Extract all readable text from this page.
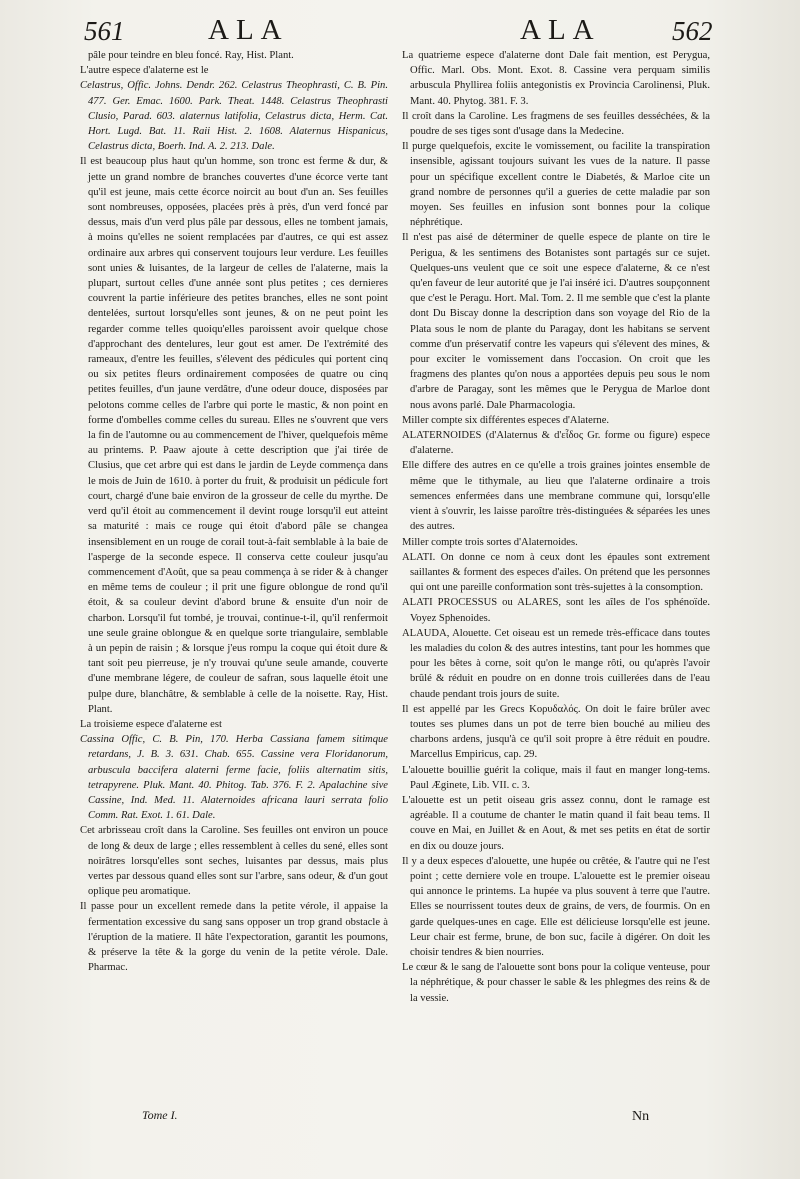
561	ALA	ALA	562

pâle pour teindre en bleu foncé. Ray, Hist. Plant.

L'autre espece d'alaterne est le

Celastrus, Offic. Johns. Dendr. 262. Celastrus Theophrasti, C. B. Pin. 477. Ger. Emac. 1600. Park. Theat. 1448. Celastrus Theophrasti Clusio, Parad. 603. alaternus latifolia, Celastrus dicta, Herm. Cat. Hort. Lugd. Bat. 11. Raii Hist. 2. 1608. Alaternus Hispanicus, Celastrus dicta, Boerh. Ind. A. 2. 213. Dale.

Il est beaucoup plus haut qu'un homme, son tronc est ferme & dur, & jette un grand nombre de branches couvertes d'une écorce verte tant qu'il est jeune, mais cette écorce noircit au bout d'un an. Ses feuilles sont nombreuses, opposées, placées près à près, d'un verd foncé par dessus, mais d'un verd plus pâle par dessous, elles ne tombent jamais, à moins qu'elles ne soient remplacées par d'autres, ce qui est assez ordinaire aux arbres qui conservent toujours leur verdure. Les feuilles sont unies & luisantes, de la largeur de celles de l'alaterne, mais la plupart, surtout celles d'une année sont plus petites ; ces dernieres couvrent la partie inférieure des petites branches, elles ne sont point dentelées, surtout lorsqu'elles sont jeunes, & on ne peut point les regarder comme telles quoiqu'elles paroissent avoir quelque chose d'approchant des dentelures, leur gout est amer. De l'extrémité des rameaux, d'entre les feuilles, s'élevent des pédicules qui portent cinq ou six petites fleurs ordinairement composées de quatre ou cinq petites feuilles, d'un jaune verdâtre, d'une odeur douce, disposées par pelotons comme celles de l'arbre qui porte le mastic, & non point en forme d'ombelles comme celles du sureau. Elles ne s'ouvrent que vers la fin de l'automne ou au commencement de l'hiver, quelquefois même au printems. P. Paaw ajoute à cette description que j'ai tirée de Clusius, que cet arbre qui est dans le jardin de Leyde commença dans le mois de Juin de 1610. à porter du fruit, & produisit un pédicule fort court, chargé d'une baie environ de la grosseur de celle du myrthe. De verd qu'il étoit au commencement il devint rouge lorsqu'il eut atteint sa maturité : mais ce rouge qui étoit d'abord pâle se changea insensiblement en un rouge de corail tout-à-fait semblable à la baie de l'asperge de la seconde espece. Il conserva cette couleur jusqu'au commencement d'Août, que sa peau commença à se rider & à changer en même tems de couleur ; il prit une figure oblongue de rond qu'il étoit, & sa couleur devint d'abord brune & ensuite d'un noir de charbon. Lorsqu'il fut tombé, je trouvai, continue-t-il, qu'il renfermoit une seule graine oblongue & en quelque sorte triangulaire, semblable à un pepin de raisin ; & lorsque j'eus rompu la coque qui étoit dure & tant soit peu pierreuse, je n'y trouvai qu'une seule amande, couverte d'une membrane légere, de couleur de safran, sous laquelle étoit une pulpe dure, blanchâtre, & semblable à celle de la noisette. Ray, Hist. Plant.

La troisieme espece d'alaterne est

Cassina Offic, C. B. Pin, 170. Herba Cassiana famem sitimque retardans, J. B. 3. 631. Chab. 655. Cassine vera Floridanorum, arbuscula baccifera alaterni ferme facie, foliis alternatim sitis, tetrapyrene. Pluk. Mant. 40. Phitog. Tab. 376. F. 2. Apalachine sive Cassine, Ind. Med. 11. Alaternoides africana lauri serrata folio Comm. Rat. Exot. 1. 61. Dale.

Cet arbrisseau croît dans la Caroline. Ses feuilles ont environ un pouce de long & deux de large ; elles ressemblent à celles du sené, elles sont noirâtres lorsqu'elles sont seches, luisantes par dessus, mais plus vertes par dessous quand elles sont sur l'arbre, sans odeur, & d'un gout oplique peu aromatique.

Il passe pour un excellent remede dans la petite vérole, il appaise la fermentation excessive du sang sans opposer un trop grand obstacle à l'éruption de la matiere. Il hâte l'expectoration, garantit les poumons, & préserve la tête & la gorge du venin de la petite vérole. Dale. Pharmac.

La quatrieme espece d'alaterne dont Dale fait mention, est Perygua, Offic. Marl. Obs. Mont. Exot. 8. Cassine vera perquam similis arbuscula Phyllirea foliis antegonistis ex Provincia Carolinensi, Pluk. Mant. 40. Phytog. 381. F. 3.

Il croît dans la Caroline. Les fragmens de ses feuilles desséchées, & la poudre de ses tiges sont d'usage dans la Medecine.

Il purge quelquefois, excite le vomissement, ou facilite la transpiration insensible, agissant toujours suivant les vues de la nature. Il passe pour un spécifique excellent contre le Diabetés, & Marloe cite un grand nombre de personnes qu'il a gueries de cette maladie par son moyen. Ses feuilles en infusion sont bonnes pour la colique néphrétique.

Il n'est pas aisé de déterminer de quelle espece de plante on tire le Perigua, & les sentimens des Botanistes sont partagés sur ce sujet. Quelques-uns veulent que ce soit une espece d'alaterne, & ce n'est qu'en faveur de leur autorité que je l'ai inséré ici. D'autres soupçonnent que c'est le Peragu. Hort. Mal. Tom. 2. Il me semble que c'est la plante dont Du Biscay donne la description dans son voyage del Rio de la Plata sous le nom de plante du Paragay, dont les habitans se servent comme d'un préservatif contre les vapeurs qui s'élevent des mines, & pour exciter le vomissement dans l'occasion. On croit que les fragmens des plantes qu'on nous a apportées depuis peu sous le nom d'arbre de Paragay, sont les mêmes que le Perygua de Marloe dont nous avons parlé. Dale Pharmacologia.

Miller compte six différentes especes d'Alaterne.

ALATERNOIDES (d'Alaternus & d'εἶδος Gr. forme ou figure) espece d'alaterne.

Elle differe des autres en ce qu'elle a trois graines jointes ensemble de même que le tithymale, au lieu que l'alaterne ordinaire a trois semences enfermées dans une membrane commune qui, lorsqu'elle vient à s'ouvrir, les laisse paroître très-distinguées & séparées les unes des autres.

Miller compte trois sortes d'Alaternoides.

ALATI. On donne ce nom à ceux dont les épaules sont extrement saillantes & forment des especes d'ailes. On prétend que les personnes qui ont une pareille conformation sont très-sujettes à la consomption.

ALATI PROCESSUS ou ALARES, sont les aîles de l'os sphénoïde. Voyez Sphenoides.

ALAUDA, Alouette. Cet oiseau est un remede très-efficace dans toutes les maladies du colon & des autres intestins, tant pour les hommes que pour les bêtes à corne, soit qu'on le mange rôti, ou qu'après l'avoir brûlé & réduit en poudre on en donne trois cuillerées dans de l'eau chaude pendant trois jours de suite.

Il est appellé par les Grecs Κορυδαλός. On doit le faire brûler avec toutes ses plumes dans un pot de terre bien bouché au milieu des charbons ardens, jusqu'à ce qu'il soit propre à être réduit en poudre. Marcellus Empiricus, cap. 29.

L'alouette bouillie guérit la colique, mais il faut en manger long-tems. Paul Æginete, Lib. VII. c. 3.

L'alouette est un petit oiseau gris assez connu, dont le ramage est agréable. Il a coutume de chanter le matin quand il fait beau tems. Il couve en Mai, en Juillet & en Aout, & met ses petits en état de sortir en dix ou douze jours.

Il y a deux especes d'alouette, une hupée ou crêtée, & l'autre qui ne l'est point ; cette derniere vole en troupe. L'alouette est le premier oiseau qui annonce le printems. La hupée va plus souvent à terre que l'autre. Elles se nourrissent toutes deux de grains, de vers, de fourmis. On en garde quelques-unes en cage. Elle est délicieuse lorsqu'elle est jeune. Leur chair est ferme, brune, de bon suc, facile à digérer. On doit les choisir tendres & bien nourries.

Le cœur & le sang de l'alouette sont bons pour la colique venteuse, pour la néphrétique, & pour chasser le sable & les phlegmes des reins & de la vessie.

Tome I.	Nn
